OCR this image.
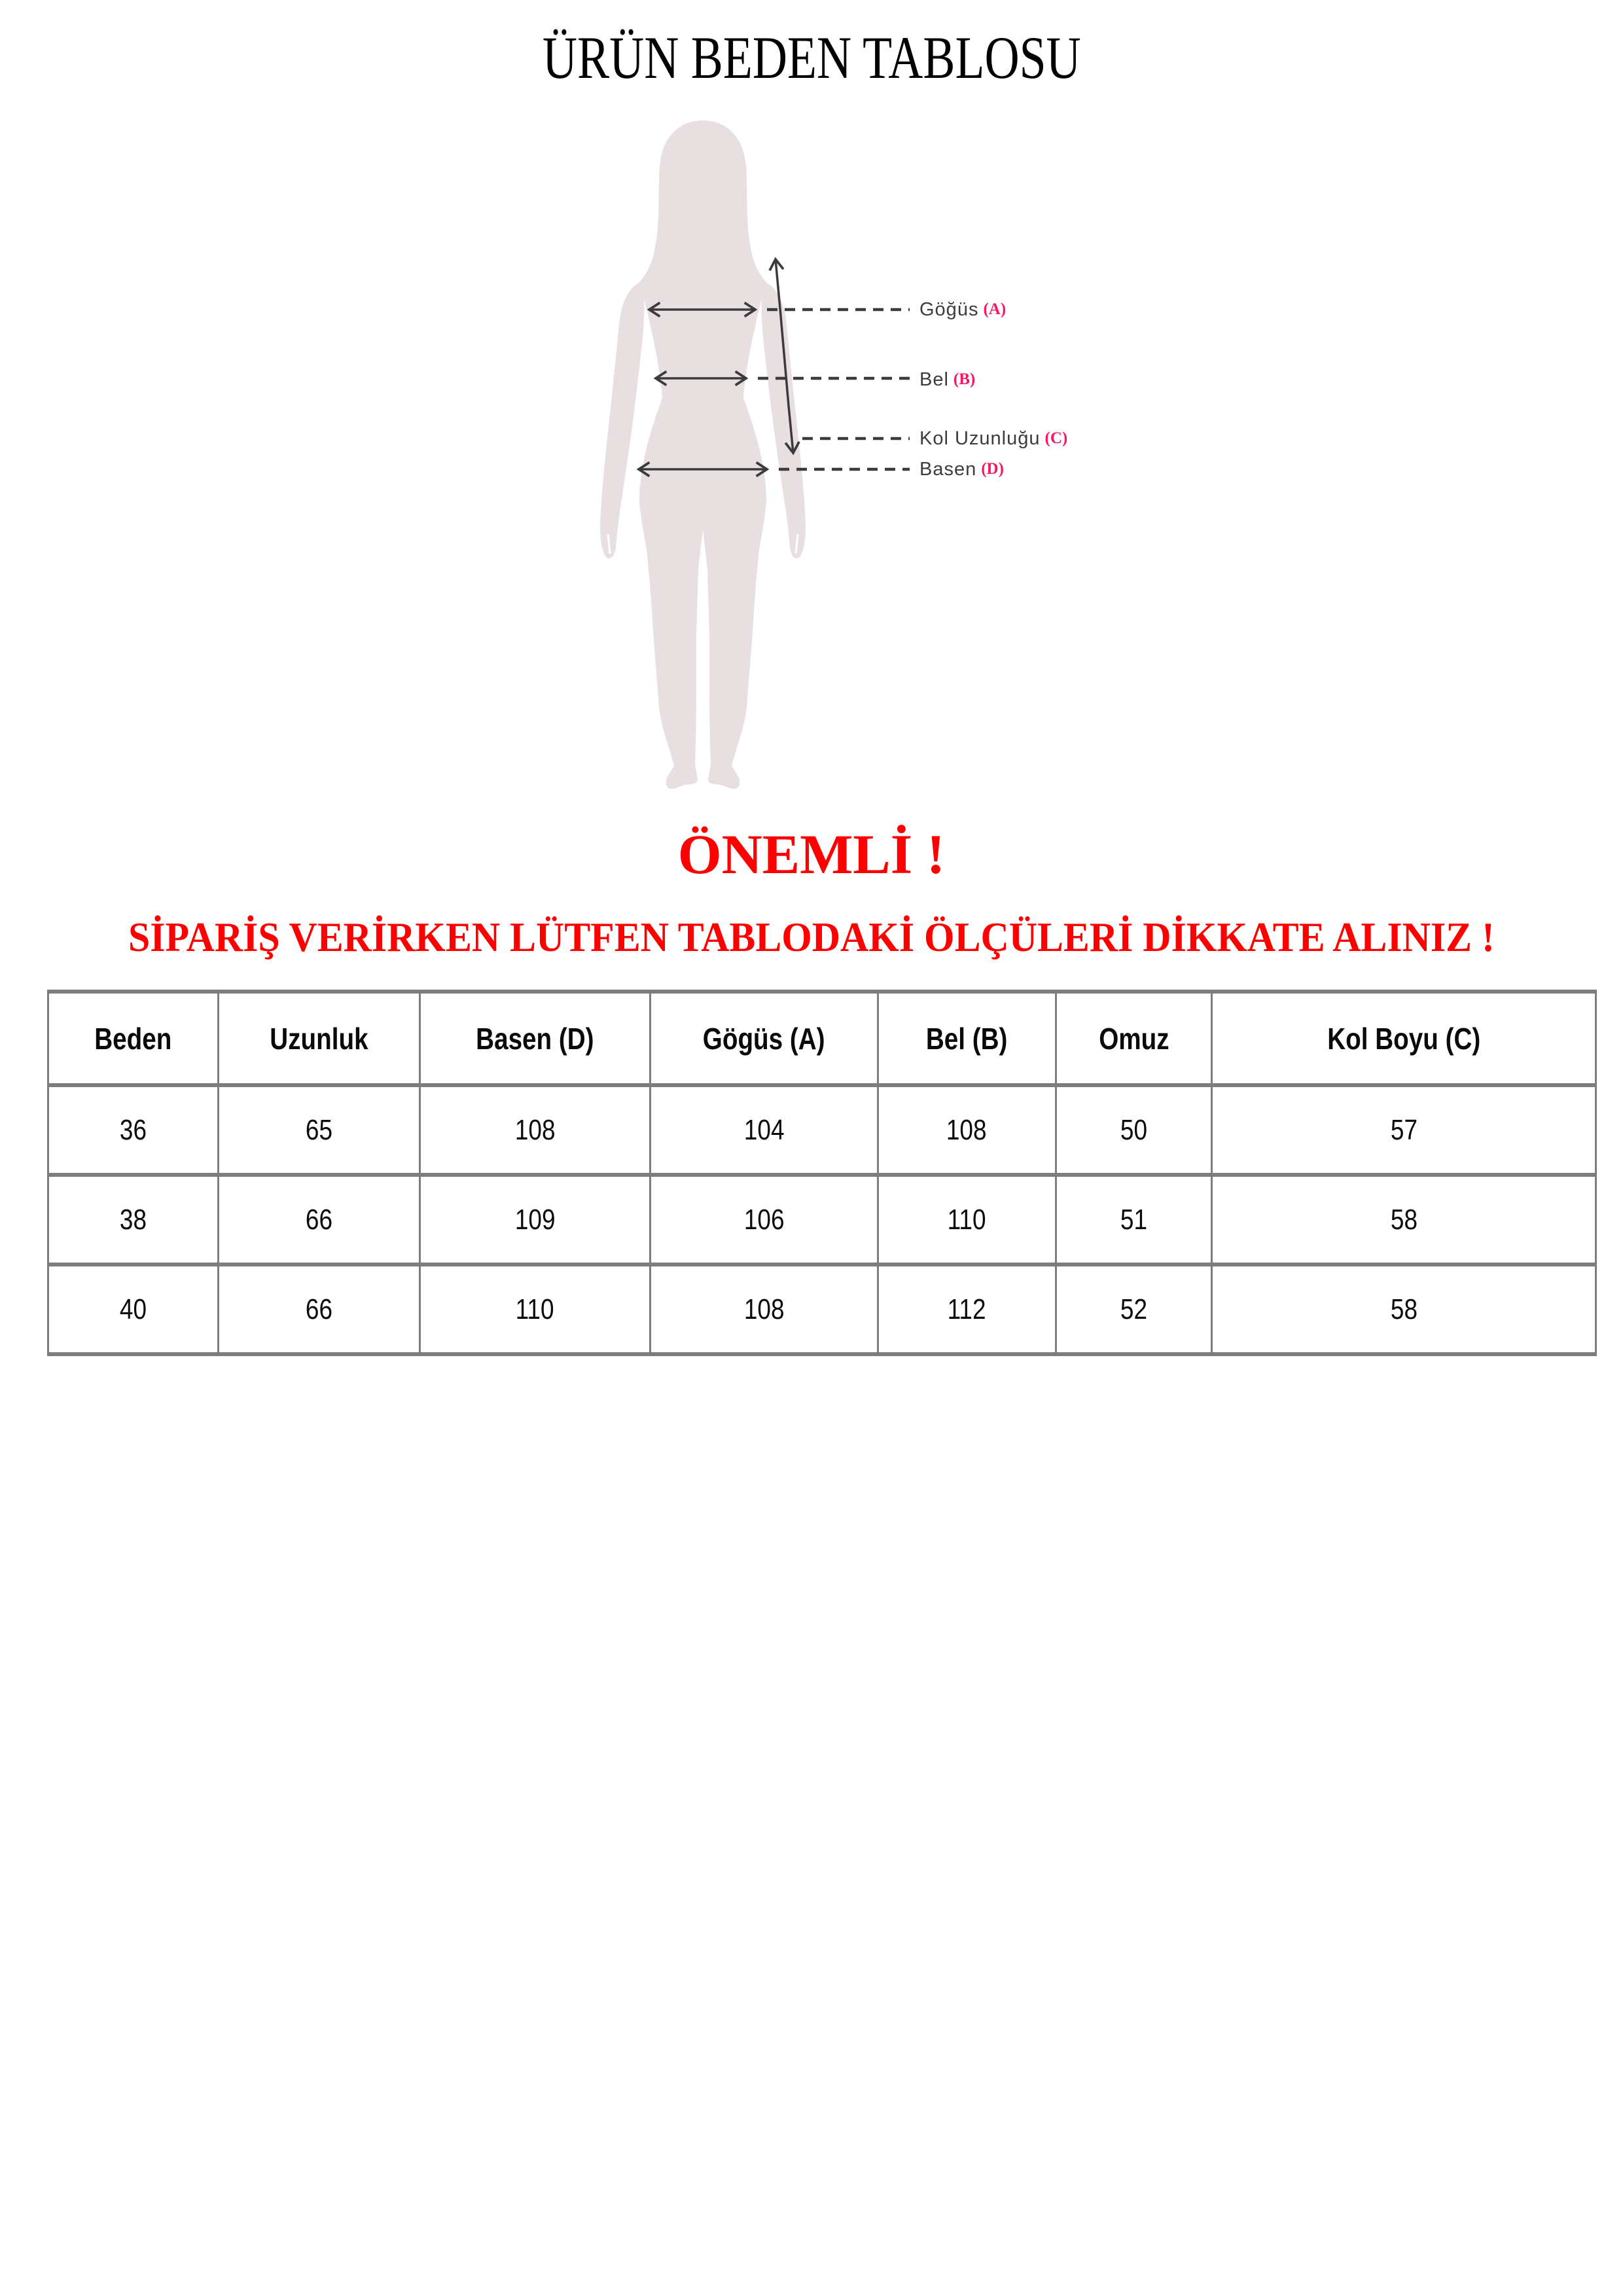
ÜRÜN BEDEN TABLOSU
Göğüs (A)
Bel (B)
Kol Uzunluğu (C)
Basen (D)
ÖNEMLİ !
SİPARİŞ VERİRKEN LÜTFEN TABLODAKİ ÖLÇÜLERİ DİKKATE ALINIZ !
Beden	Uzunluk	Basen (D)	Gögüs (A)	Bel (B)	Omuz	Kol Boyu (C)
36	65	108	104	108	50	57
38	66	109	106	110	51	58
40	66	110	108	112	52	58
